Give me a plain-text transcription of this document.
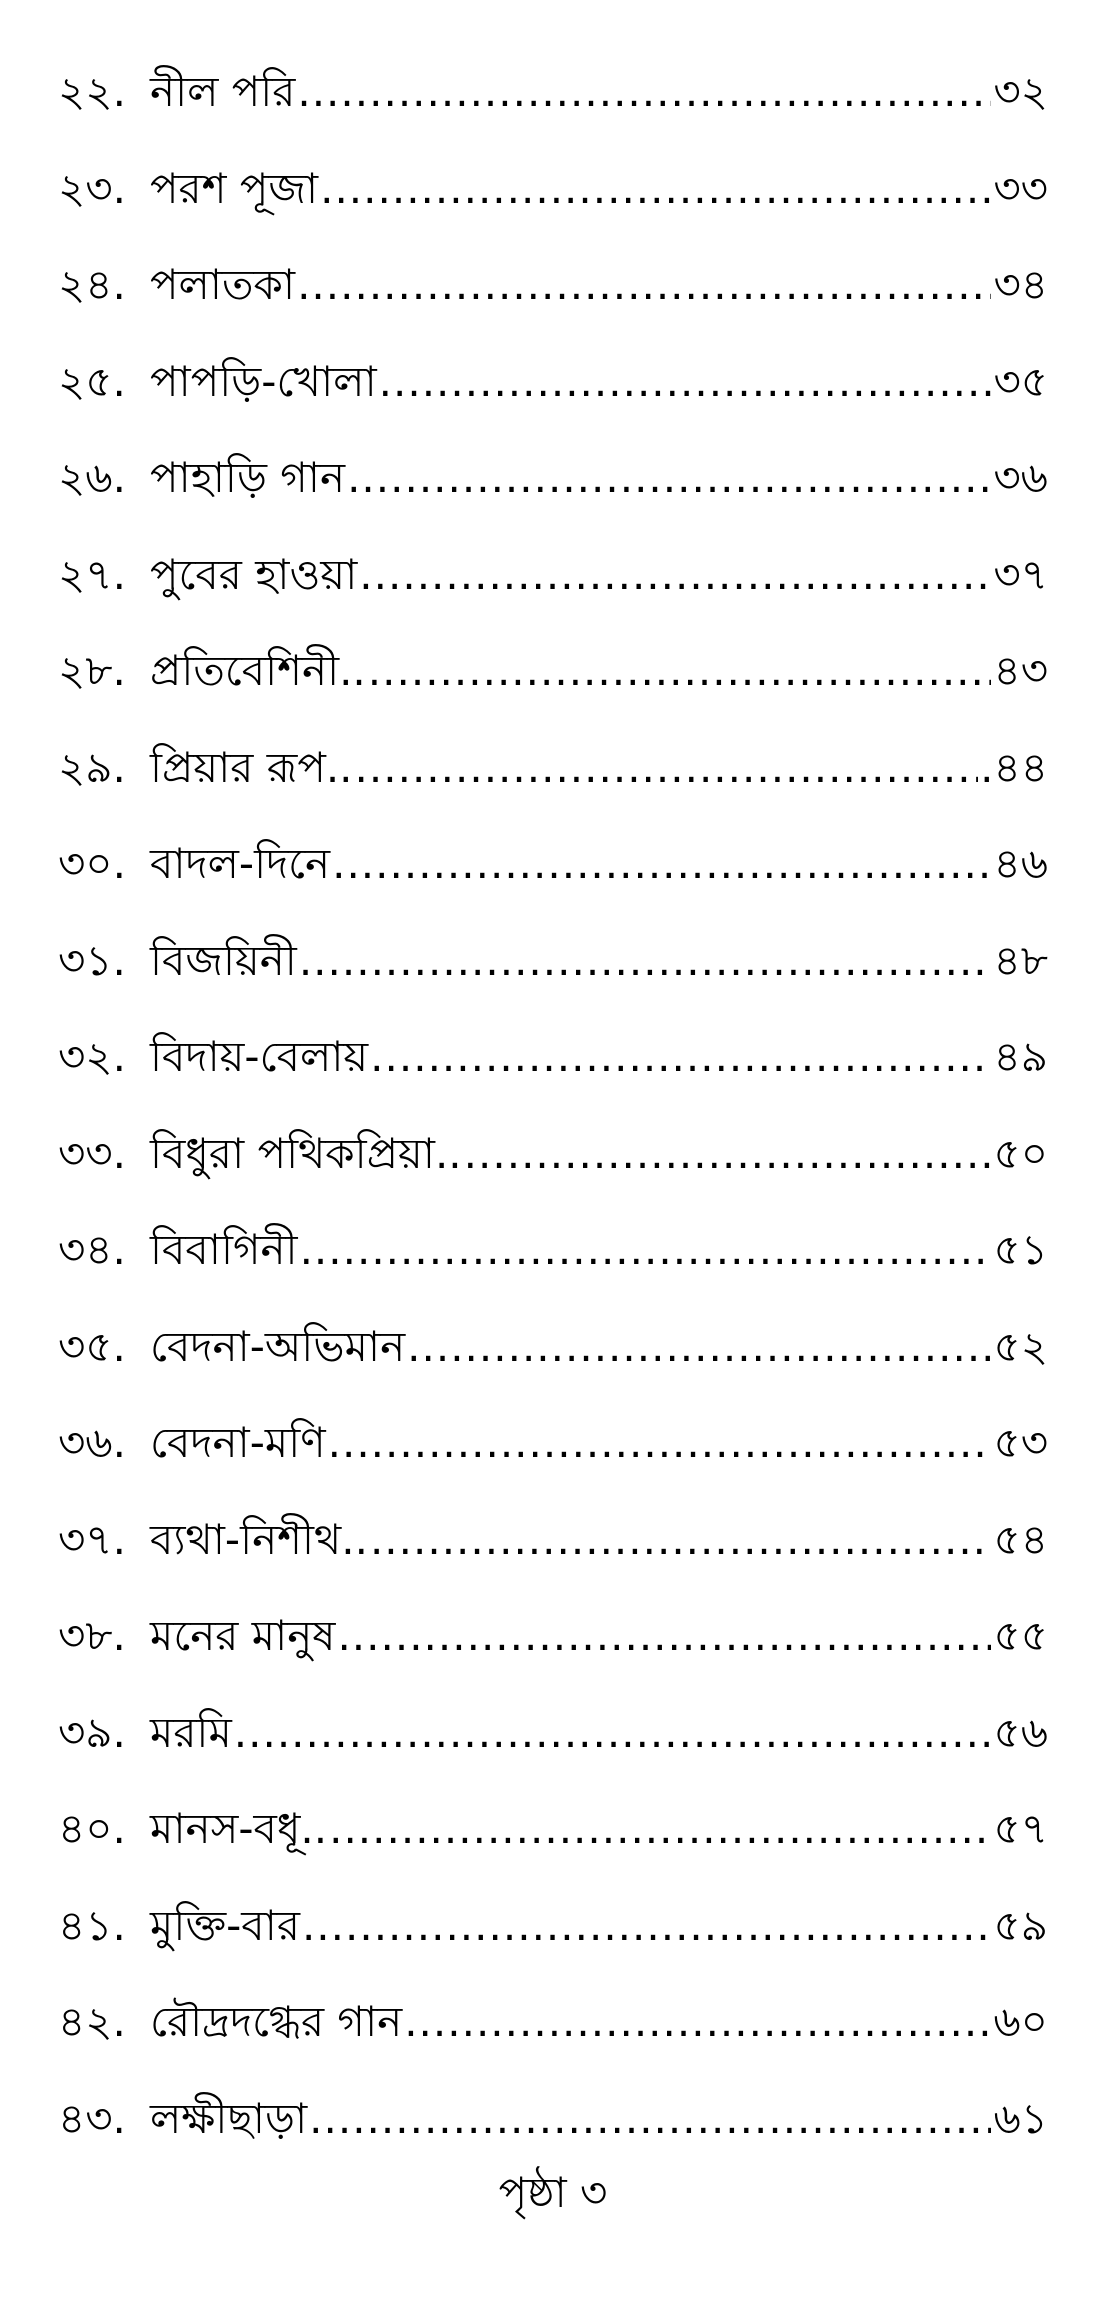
২২. নীল পরি .....	৩২
২৩. পরশ পূজা .....	৩৩
২৪. পলাতকা .....	৩৪
২৫. পাপড়ি-খোলা .....	৩৫
২৬. পাহাড়ি গান .....	৩৬
২৭. পুবের হাওয়া .....	৩৭
২৮. প্রতিবেশিনী.. .....	৪৩
২৯. প্রিয়ার রূপ.. .....	.৪৪
৩০. বাদল-দিনে .....	৪৬
৩১. বিজয়িনী .....	৪৮
৩২. বিদায়-বেলায় .....	৪৯
৩৩. বিধুরা পথিকপ্রিয়া.. .....	৫০
৩৪. বিবাগিনী .....	৫১
৩৫. বেদনা-অভিমান .....	৫২
৩৬. বেদনা-মণি .....	৫৩
৩৭. ব্যথা-নিশীথ.. .....	৫৪
৩৮. মনের মানুষ .....	৫৫
৩৯. মরমি .....	৫৬
৪০. মানস-বধূ.. .....	৫৭
৪১. মুক্তি-বার .....	৫৯
৪২. রৌদ্রদগ্ধের গান .....	৬০
৪৩. লক্ষীছাড়া .....	৬১
পৃষ্ঠা ৩
